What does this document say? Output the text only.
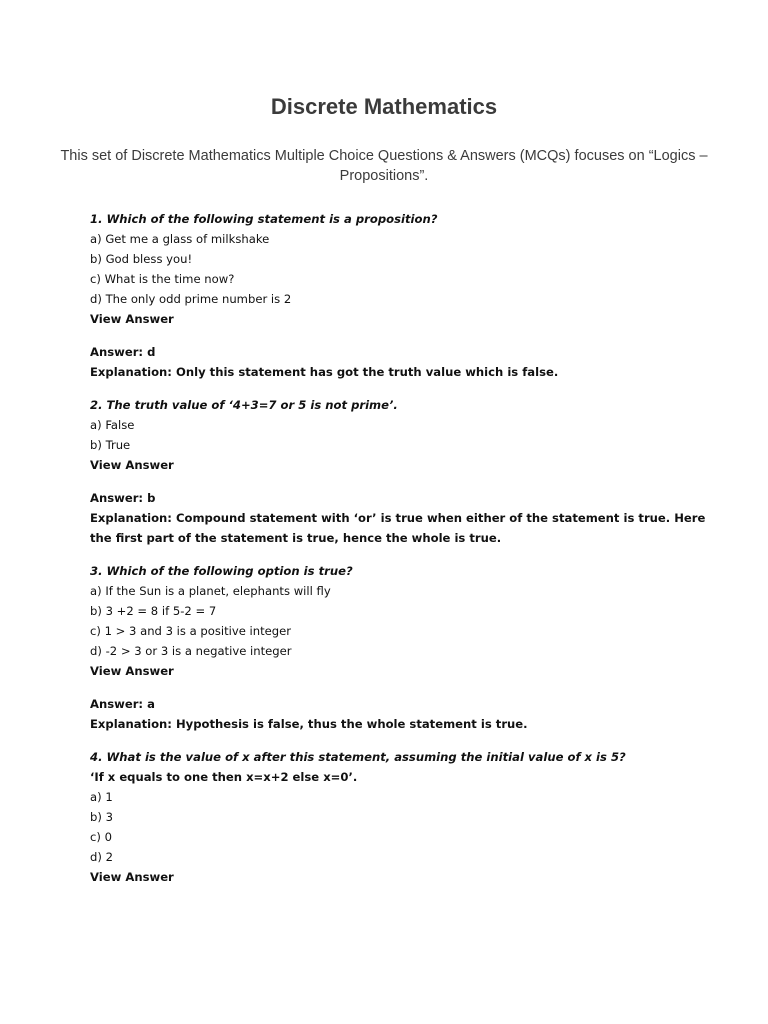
Discrete Mathematics

This set of Discrete Mathematics Multiple Choice Questions & Answers (MCQs) focuses on “Logics – Propositions”.

1. Which of the following statement is a proposition?
a) Get me a glass of milkshake
b) God bless you!
c) What is the time now?
d) The only odd prime number is 2
View Answer
Answer: d
Explanation: Only this statement has got the truth value which is false.
2. The truth value of ‘4+3=7 or 5 is not prime’.
a) False
b) True
View Answer
Answer: b
Explanation: Compound statement with ‘or’ is true when either of the statement is true. Here the first part of the statement is true, hence the whole is true.
3. Which of the following option is true?
a) If the Sun is a planet, elephants will fly
b) 3 +2 = 8 if 5-2 = 7
c) 1 > 3 and 3 is a positive integer
d) -2 > 3 or 3 is a negative integer
View Answer
Answer: a
Explanation: Hypothesis is false, thus the whole statement is true.
4. What is the value of x after this statement, assuming the initial value of x is 5?
‘If x equals to one then x=x+2 else x=0’.
a) 1
b) 3
c) 0
d) 2
View Answer
